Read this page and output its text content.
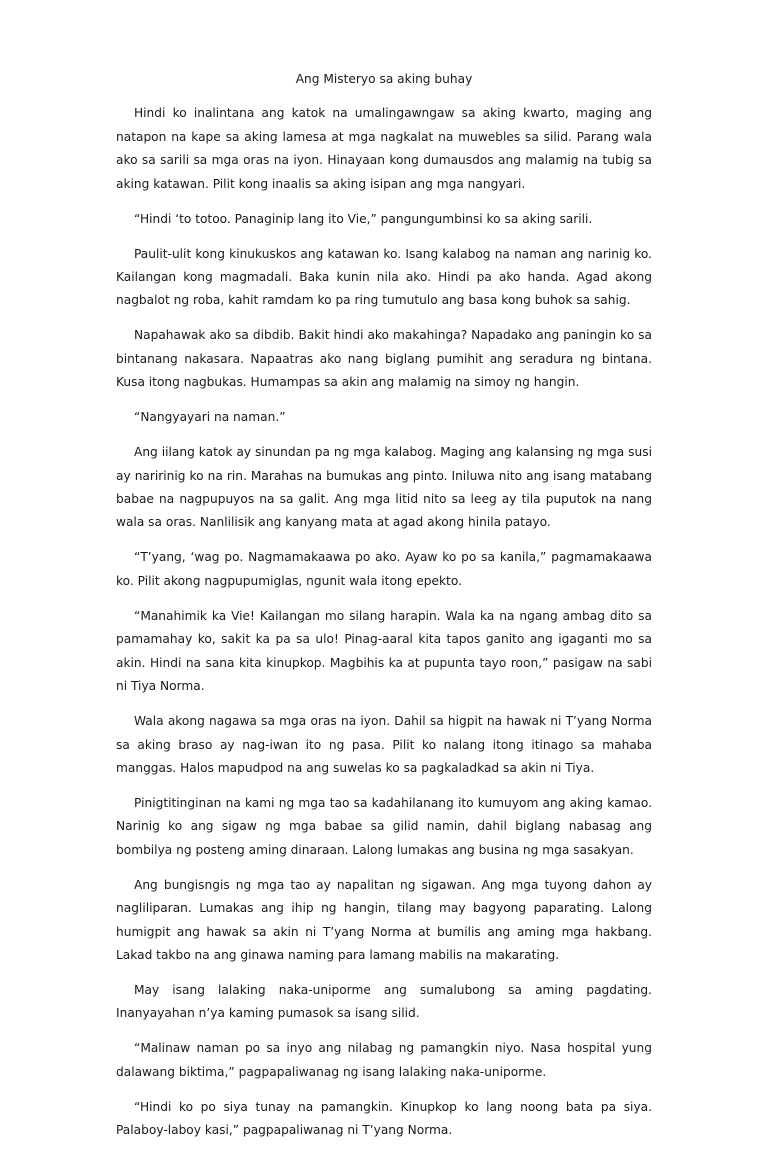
Ang Misteryo sa aking buhay

Hindi ko inalintana ang katok na umalingawngaw sa aking kwarto, maging ang natapon na kape sa aking lamesa at mga nagkalat na muwebles sa silid. Parang wala ako sa sarili sa mga oras na iyon. Hinayaan kong dumausdos ang malamig na tubig sa aking katawan. Pilit kong inaalis sa aking isipan ang mga nangyari.

“Hindi ‘to totoo. Panaginip lang ito Vie,” pangungumbinsi ko sa aking sarili.

Paulit-ulit kong kinukuskos ang katawan ko. Isang kalabog na naman ang narinig ko. Kailangan kong magmadali. Baka kunin nila ako. Hindi pa ako handa. Agad akong nagbalot ng roba, kahit ramdam ko pa ring tumutulo ang basa kong buhok sa sahig.

Napahawak ako sa dibdib. Bakit hindi ako makahinga? Napadako ang paningin ko sa bintanang nakasara. Napaatras ako nang biglang pumihit ang seradura ng bintana. Kusa itong nagbukas. Humampas sa akin ang malamig na simoy ng hangin.

“Nangyayari na naman.”

Ang iilang katok ay sinundan pa ng mga kalabog. Maging ang kalansing ng mga susi ay naririnig ko na rin. Marahas na bumukas ang pinto. Iniluwa nito ang isang matabang babae na nagpupuyos na sa galit. Ang mga litid nito sa leeg ay tila puputok na nang wala sa oras. Nanlilisik ang kanyang mata at agad akong hinila patayo.

“T’yang, ‘wag po. Nagmamakaawa po ako. Ayaw ko po sa kanila,” pagmamakaawa ko. Pilit akong nagpupumiglas, ngunit wala itong epekto.

“Manahimik ka Vie! Kailangan mo silang harapin. Wala ka na ngang ambag dito sa pamamahay ko, sakit ka pa sa ulo! Pinag-aaral kita tapos ganito ang igaganti mo sa akin. Hindi na sana kita kinupkop. Magbihis ka at pupunta tayo roon,” pasigaw na sabi ni Tiya Norma.

Wala akong nagawa sa mga oras na iyon. Dahil sa higpit na hawak ni T’yang Norma sa aking braso ay nag-iwan ito ng pasa. Pilit ko nalang itong itinago sa mahaba manggas. Halos mapudpod na ang suwelas ko sa pagkaladkad sa akin ni Tiya.

Pinigtitinginan na kami ng mga tao sa kadahilanang ito kumuyom ang aking kamao. Narinig ko ang sigaw ng mga babae sa gilid namin, dahil biglang nabasag ang bombilya ng posteng aming dinaraan. Lalong lumakas ang busina ng mga sasakyan.

Ang bungisngis ng mga tao ay napalitan ng sigawan. Ang mga tuyong dahon ay nagliliparan. Lumakas ang ihip ng hangin, tilang may bagyong paparating. Lalong humigpit ang hawak sa akin ni T’yang Norma at bumilis ang aming mga hakbang. Lakad takbo na ang ginawa naming para lamang mabilis na makarating.

May isang lalaking naka-uniporme ang sumalubong sa aming pagdating. Inanyayahan n’ya kaming pumasok sa isang silid.

“Malinaw naman po sa inyo ang nilabag ng pamangkin niyo. Nasa hospital yung dalawang biktima,” pagpapaliwanag ng isang lalaking naka-uniporme.

“Hindi ko po siya tunay na pamangkin. Kinupkop ko lang noong bata pa siya. Palaboy-laboy kasi,” pagpapaliwanag ni T’yang Norma.
